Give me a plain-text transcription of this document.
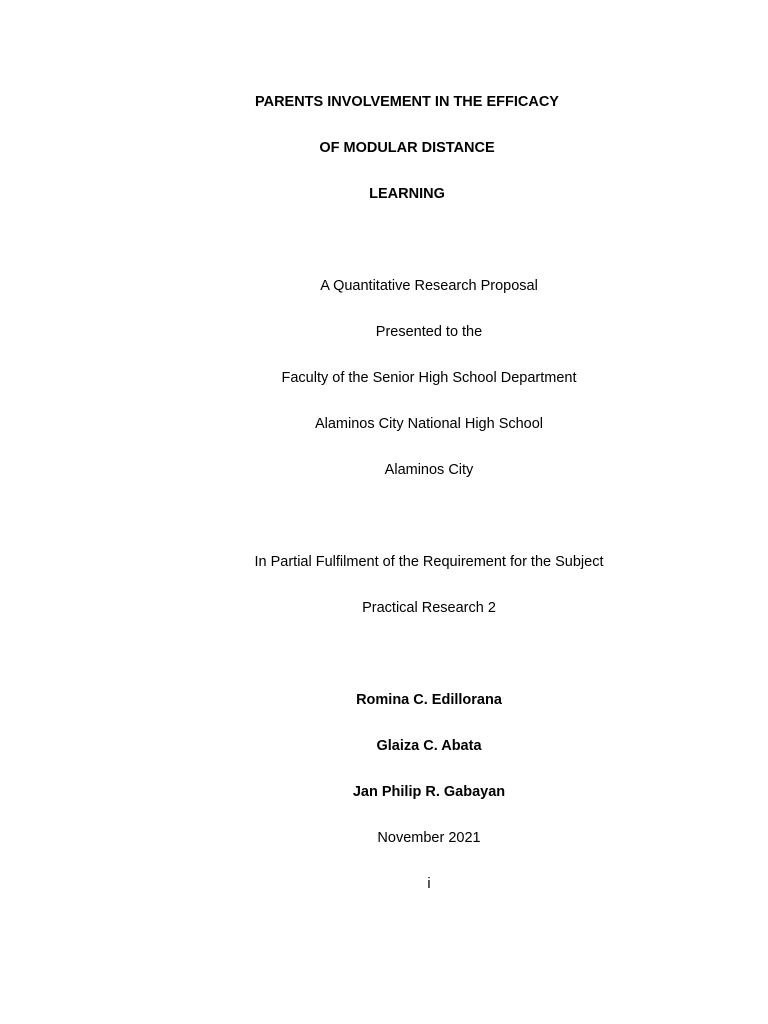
PARENTS INVOLVEMENT IN THE EFFICACY
OF MODULAR DISTANCE
LEARNING
A Quantitative Research Proposal
Presented to the
Faculty of the Senior High School Department
Alaminos City National High School
Alaminos City
In Partial Fulfilment of the Requirement for the Subject
Practical Research 2
Romina C. Edillorana
Glaiza C. Abata
Jan Philip R. Gabayan
November 2021
i
